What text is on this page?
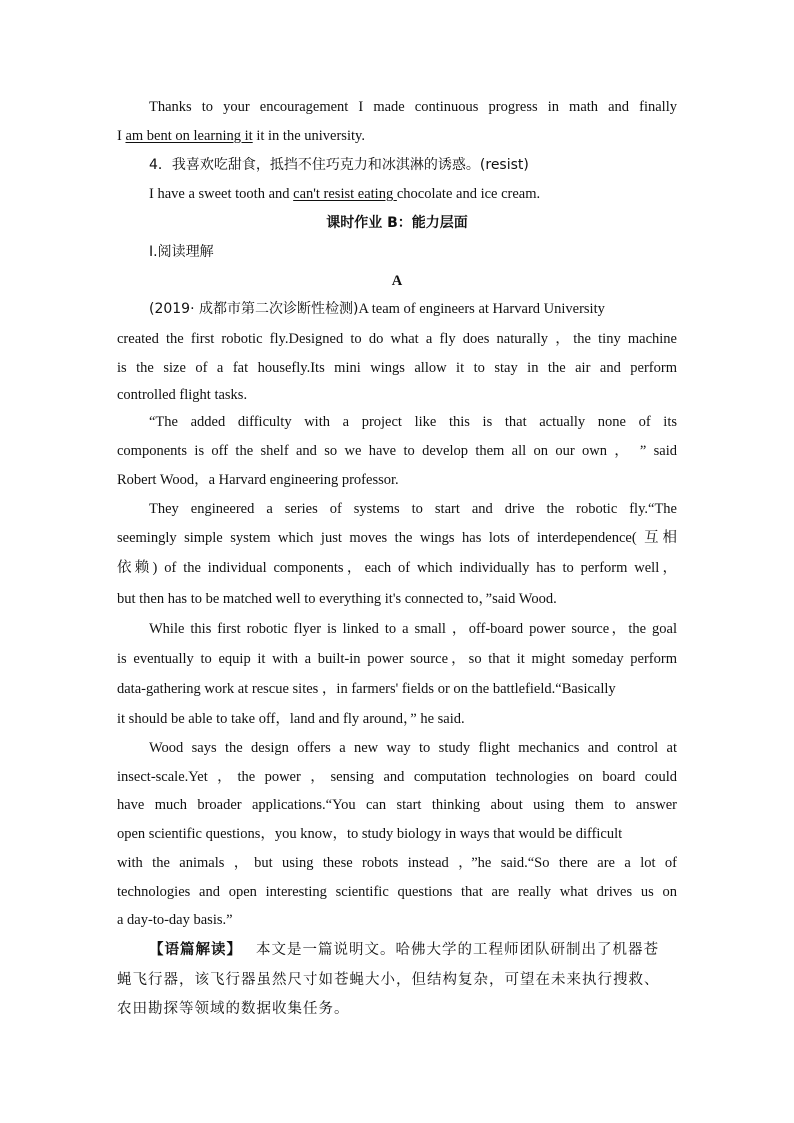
Thanks to your encouragement I made continuous progress in math and finally
I am bent on learning it it in the university.
4．我喜欢吃甜食，抵挡不住巧克力和冰淇淋的诱惑。(resist)
I have a sweet tooth and can't resist eating chocolate and ice cream.
课时作业 B：能力层面
Ⅰ.阅读理解
A
(2019· 成都市第二次诊断性检测)A team of engineers at Harvard University
created the first robotic fly.Designed to do what a fly does naturally ，the tiny machine
is the size of a fat housefly.Its mini wings allow it to stay in the air and perform
controlled flight tasks.
“The added difficulty with a project like this is that actually none of its
components is off the shelf and so we have to develop them all on our own ， ” said
Robert Wood，a Harvard engineering professor.
They engineered a series of systems to start and drive the robotic fly.“The
seemingly simple system which just moves the wings has lots of interdependence( 互相
依赖) of the individual components，each of which individually has to perform well，
but then has to be matched well to everything it's connected to，”said Wood.
While this first robotic flyer is linked to a small ，off-board power source，the goal
is eventually to equip it with a built-in power source，so that it might someday perform
data-gathering work at rescue sites ，in farmers' fields or on the battlefield.“Basically
it should be able to take off，land and fly around，” he said.
Wood says the design offers a new way to study flight mechanics and control at
insect-scale.Yet ，the power ，sensing and computation technologies on board could
have much broader applications.“You can start thinking about using them to answer
open scientific questions，you know，to study biology in ways that would be difficult
with the animals ，but using these robots instead ，”he said.“So there are a lot of
technologies and open interesting scientific questions that are really what drives us on
a day-to-day basis.”
【语篇解读】 本文是一篇说明文。哈佛大学的工程师团队研制出了机器苍
蝇飞行器，该飞行器虽然尺寸如苍蝇大小，但结构复杂，可望在未来执行搜救、
农田勘探等领域的数据收集任务。
